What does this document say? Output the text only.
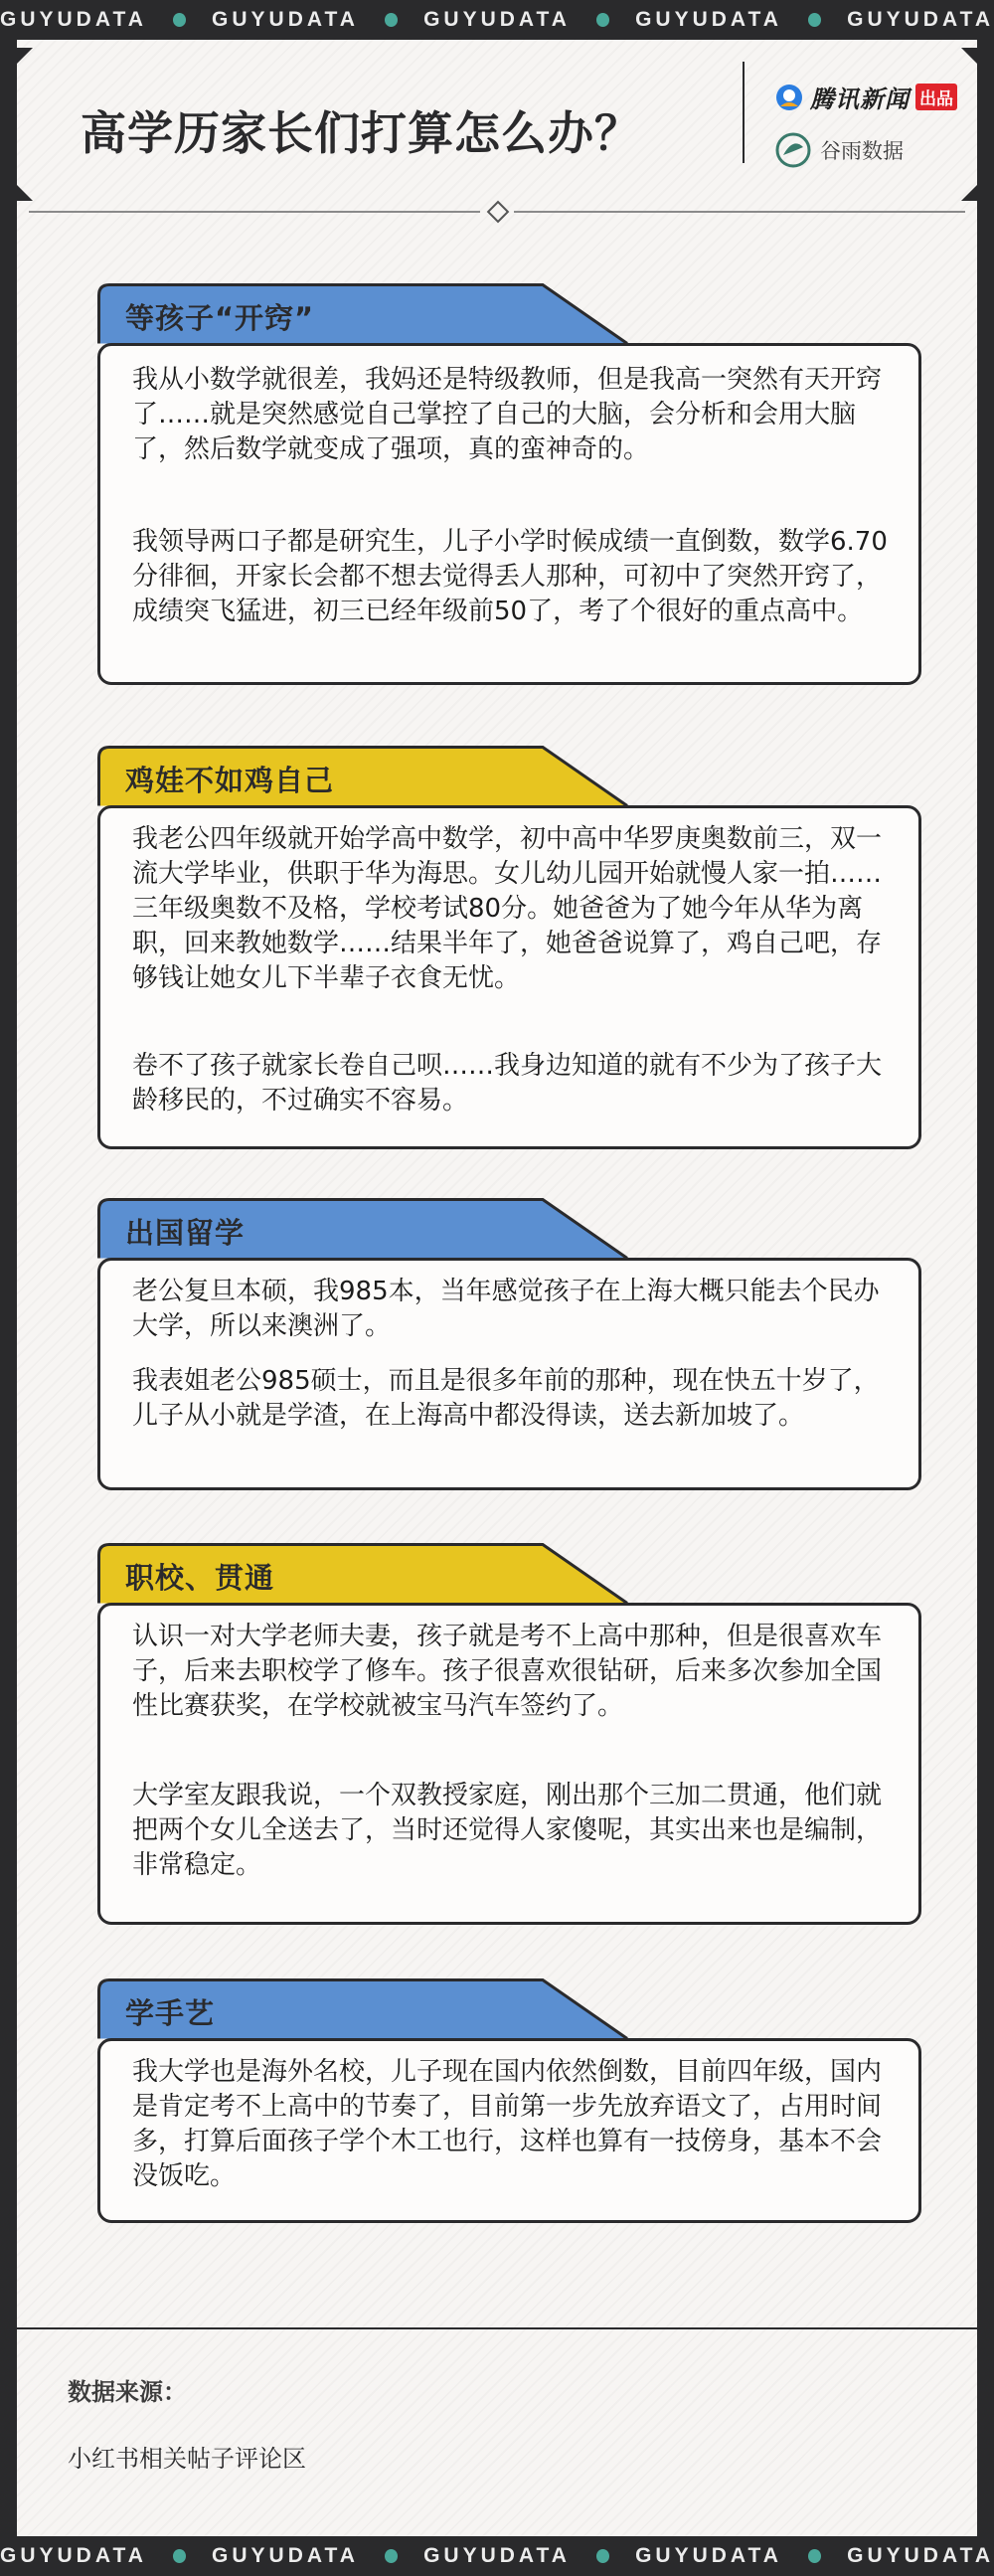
GUYUDATA	GUYUDATA	GUYUDATA	GUYUDATA	GUYUDATA
高学历家长们打算怎么办？
腾讯新闻 出品
谷雨数据
等孩子“开窍”
我从小数学就很差，我妈还是特级教师，但是我高一突然有天开窍了……就是突然感觉自己掌控了自己的大脑，会分析和会用大脑了，然后数学就变成了强项，真的蛮神奇的。
我领导两口子都是研究生，儿子小学时候成绩一直倒数，数学6.70分徘徊，开家长会都不想去觉得丢人那种，可初中了突然开窍了，成绩突飞猛进，初三已经年级前50了，考了个很好的重点高中。
鸡娃不如鸡自己
我老公四年级就开始学高中数学，初中高中华罗庚奥数前三，双一流大学毕业，供职于华为海思。女儿幼儿园开始就慢人家一拍……三年级奥数不及格，学校考试80分。她爸爸为了她今年从华为离职，回来教她数学……结果半年了，她爸爸说算了，鸡自己吧，存够钱让她女儿下半辈子衣食无忧。
卷不了孩子就家长卷自己呗……我身边知道的就有不少为了孩子大龄移民的，不过确实不容易。
出国留学
老公复旦本硕，我985本，当年感觉孩子在上海大概只能去个民办大学，所以来澳洲了。
我表姐老公985硕士，而且是很多年前的那种，现在快五十岁了，儿子从小就是学渣，在上海高中都没得读，送去新加坡了。
职校、贯通
认识一对大学老师夫妻，孩子就是考不上高中那种，但是很喜欢车子，后来去职校学了修车。孩子很喜欢很钻研，后来多次参加全国性比赛获奖，在学校就被宝马汽车签约了。
大学室友跟我说，一个双教授家庭，刚出那个三加二贯通，他们就把两个女儿全送去了，当时还觉得人家傻呢，其实出来也是编制，非常稳定。
学手艺
我大学也是海外名校，儿子现在国内依然倒数，目前四年级，国内是肯定考不上高中的节奏了，目前第一步先放弃语文了，占用时间多，打算后面孩子学个木工也行，这样也算有一技傍身，基本不会没饭吃。
数据来源：
小红书相关帖子评论区
GUYUDATA	GUYUDATA	GUYUDATA	GUYUDATA	GUYUDATA
